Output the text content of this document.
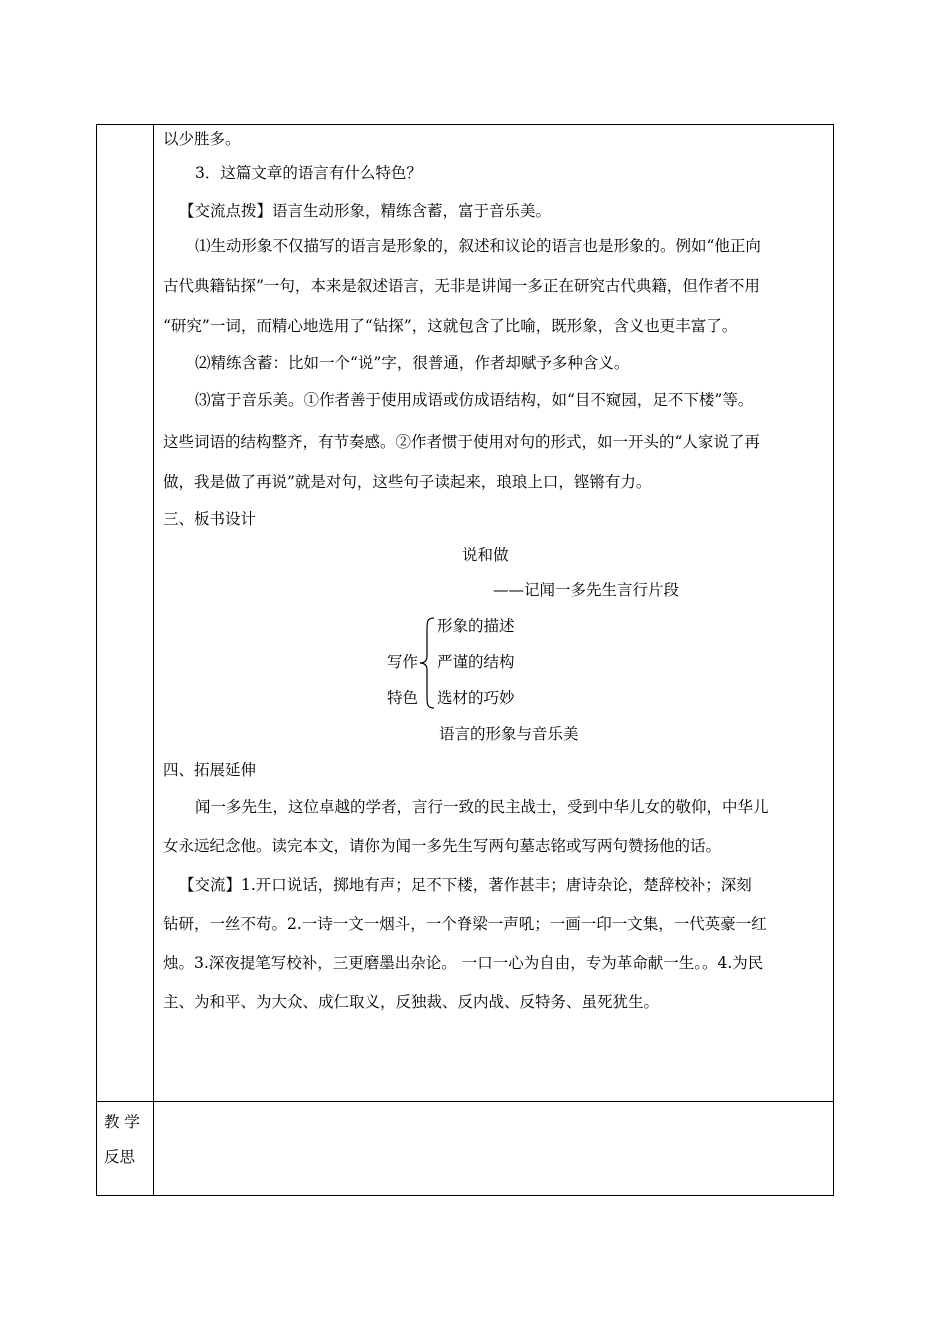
以少胜多。
3．这篇文章的语言有什么特色？
【交流点拨】语言生动形象，精练含蓄，富于音乐美。
⑴生动形象不仅描写的语言是形象的，叙述和议论的语言也是形象的。例如“他正向
古代典籍钻探”一句，本来是叙述语言，无非是讲闻一多正在研究古代典籍，但作者不用
“研究”一词，而精心地选用了“钻探”，这就包含了比喻，既形象，含义也更丰富了。
⑵精练含蓄：比如一个“说”字，很普通，作者却赋予多种含义。
⑶富于音乐美。①作者善于使用成语或仿成语结构，如“目不窥园，足不下楼”等。
这些词语的结构整齐，有节奏感。②作者惯于使用对句的形式，如一开头的“人家说了再
做，我是做了再说”就是对句，这些句子读起来，琅琅上口，铿锵有力。
三、板书设计
说和做
——记闻一多先生言行片段
形象的描述
写作 严谨的结构
特色 选材的巧妙
语言的形象与音乐美
四、拓展延伸
闻一多先生，这位卓越的学者，言行一致的民主战士，受到中华儿女的敬仰，中华儿
女永远纪念他。读完本文，请你为闻一多先生写两句墓志铭或写两句赞扬他的话。
【交流】1.开口说话，掷地有声；足不下楼，著作甚丰；唐诗杂论，楚辞校补；深刻
钻研，一丝不苟。2.一诗一文一烟斗，一个脊梁一声吼；一画一印一文集，一代英豪一红
烛。3.深夜提笔写校补，三更磨墨出杂论。 一口一心为自由，专为革命献一生。。4.为民
主、为和平、为大众、成仁取义，反独裁、反内战、反特务、虽死犹生。
教 学
反思
